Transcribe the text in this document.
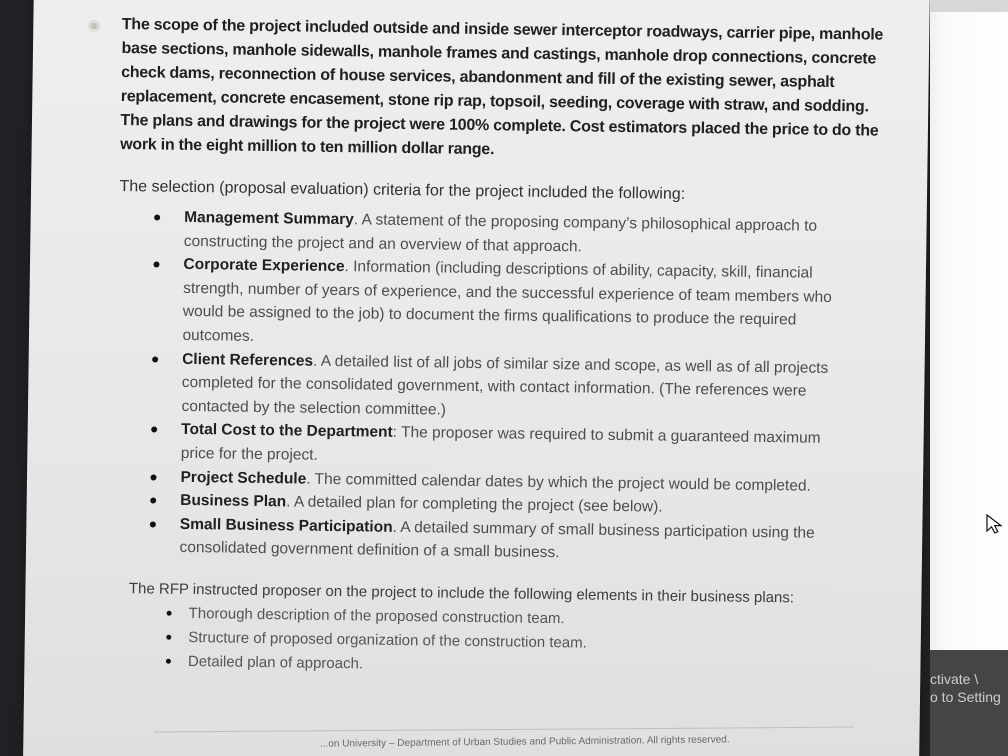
The scope of the project included outside and inside sewer interceptor roadways, carrier pipe, manhole
base sections, manhole sidewalls, manhole frames and castings, manhole drop connections, concrete
check dams, reconnection of house services, abandonment and fill of the existing sewer, asphalt
replacement, concrete encasement, stone rip rap, topsoil, seeding, coverage with straw, and sodding.
The plans and drawings for the project were 100% complete. Cost estimators placed the price to do the
work in the eight million to ten million dollar range.
The selection (proposal evaluation) criteria for the project included the following:
Management Summary. A statement of the proposing company’s philosophical approach to
constructing the project and an overview of that approach.
Corporate Experience. Information (including descriptions of ability, capacity, skill, financial
strength, number of years of experience, and the successful experience of team members who
would be assigned to the job) to document the firms qualifications to produce the required
outcomes.
Client References. A detailed list of all jobs of similar size and scope, as well as of all projects
completed for the consolidated government, with contact information. (The references were
contacted by the selection committee.)
Total Cost to the Department: The proposer was required to submit a guaranteed maximum
price for the project.
Project Schedule. The committed calendar dates by which the project would be completed.
Business Plan. A detailed plan for completing the project (see below).
Small Business Participation. A detailed summary of small business participation using the
consolidated government definition of a small business.
The RFP instructed proposer on the project to include the following elements in their business plans:
Thorough description of the proposed construction team.
Structure of proposed organization of the construction team.
Detailed plan of approach.
...on University – Department of Urban Studies and Public Administration. All rights reserved.
ctivate \
o to Setting
